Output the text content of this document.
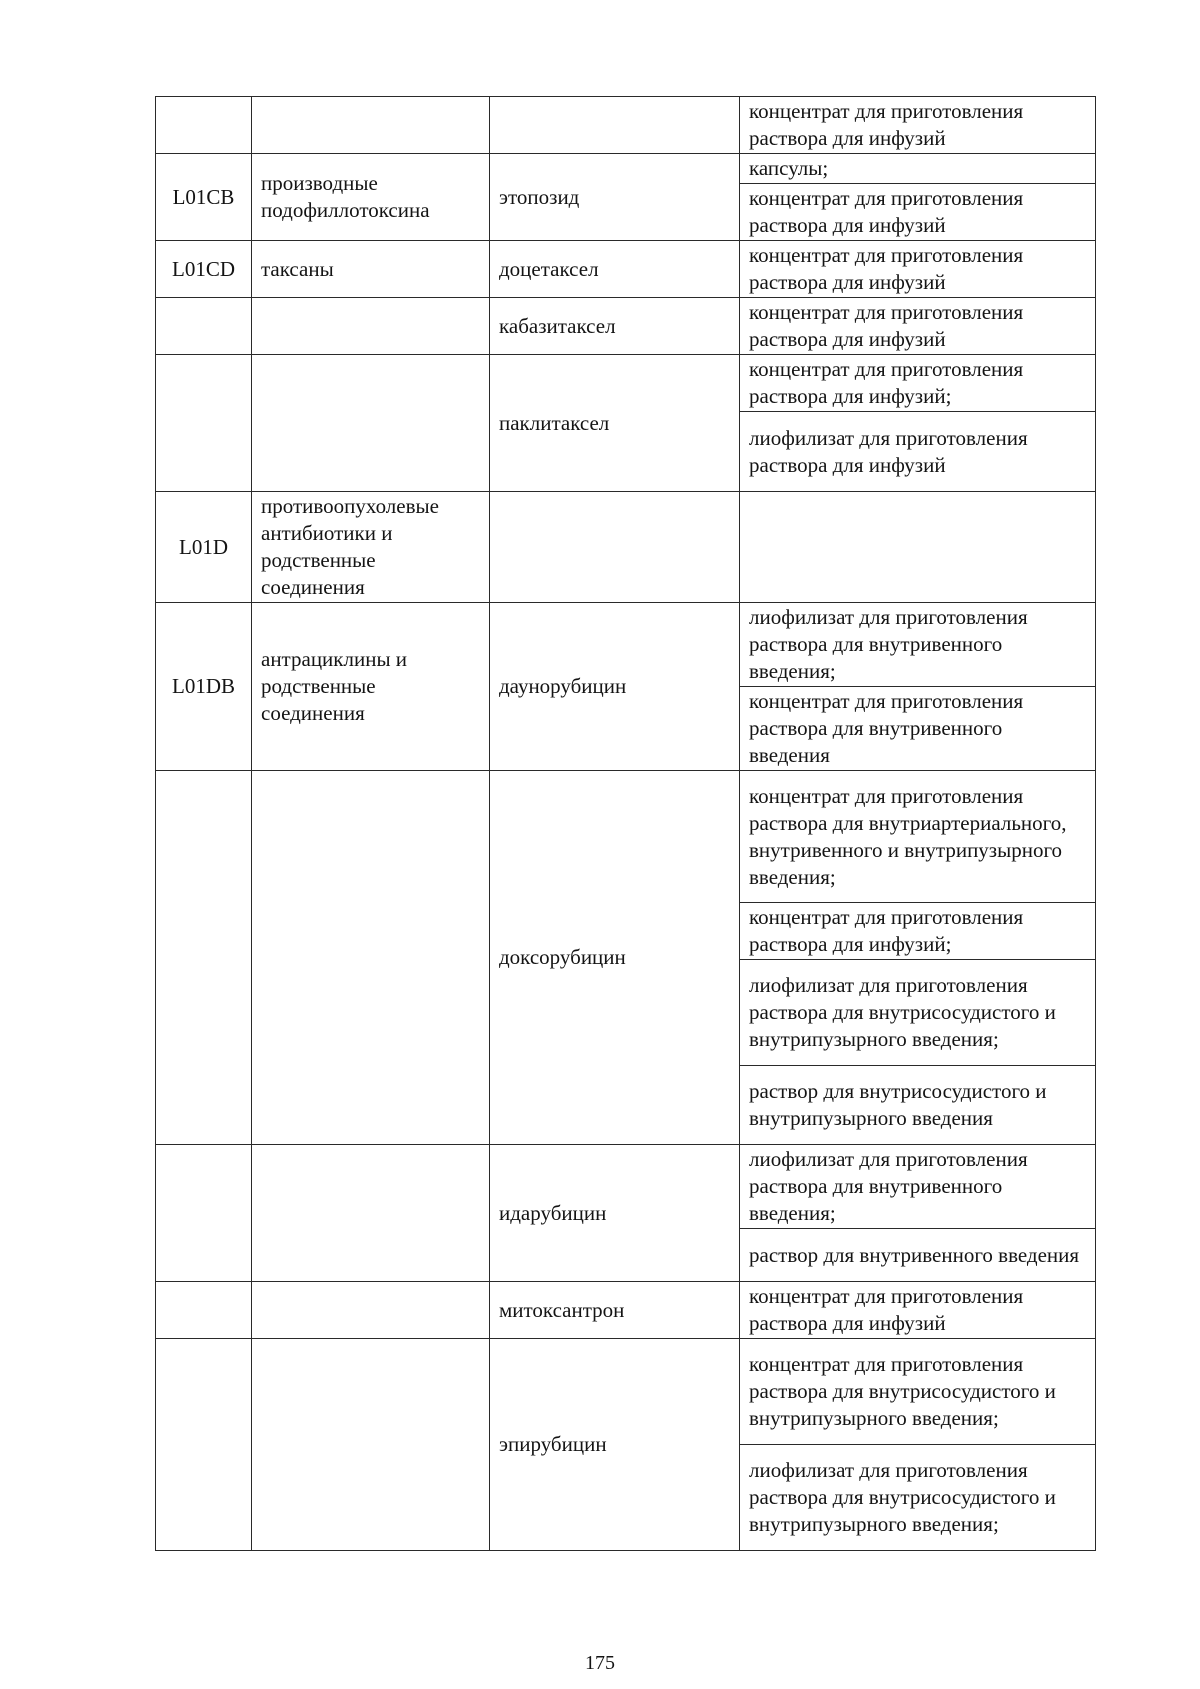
			концентрат для приготовления раствора для инфузий
L01CB	производные подофиллотоксина	этопозид	капсулы;
			концентрат для приготовления раствора для инфузий
L01CD	таксаны	доцетаксел	концентрат для приготовления раствора для инфузий
		кабазитаксел	концентрат для приготовления раствора для инфузий
		паклитаксел	концентрат для приготовления раствора для инфузий;
			лиофилизат для приготовления раствора для инфузий
L01D	противоопухолевые антибиотики и родственные соединения		
L01DB	антрациклины и родственные соединения	даунорубицин	лиофилизат для приготовления раствора для внутривенного введения;
			концентрат для приготовления раствора для внутривенного введения
		доксорубицин	концентрат для приготовления раствора для внутриартериального, внутривенного и внутрипузырного введения;
			концентрат для приготовления раствора для инфузий;
			лиофилизат для приготовления раствора для внутрисосудистого и внутрипузырного введения;
			раствор для внутрисосудистого и внутрипузырного введения
		идарубицин	лиофилизат для приготовления раствора для внутривенного введения;
			раствор для внутривенного введения
		митоксантрон	концентрат для приготовления раствора для инфузий
		эпирубицин	концентрат для приготовления раствора для внутрисосудистого и внутрипузырного введения;
			лиофилизат для приготовления раствора для внутрисосудистого и внутрипузырного введения;
175
